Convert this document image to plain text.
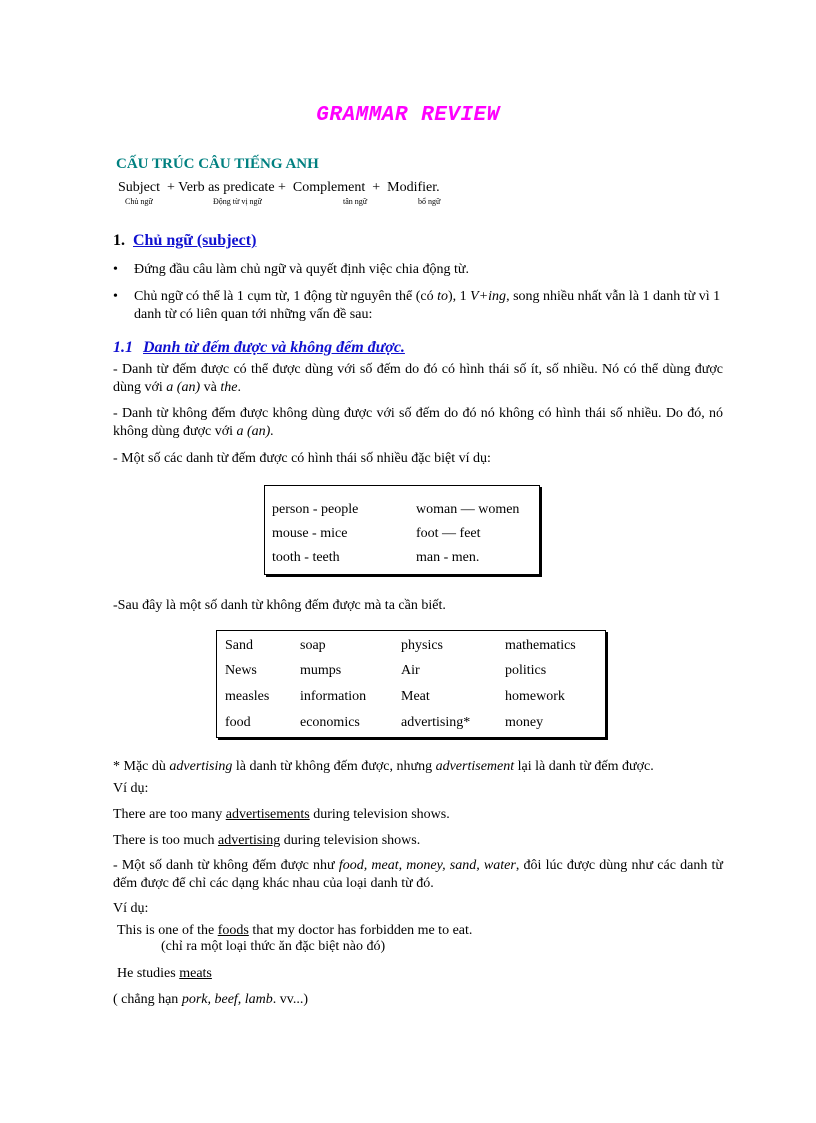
GRAMMAR REVIEW
CẤU TRÚC CÂU TIẾNG ANH
Subject  + Verb as predicate +  Complement  +  Modifier.
Chủ ngữ	Động từ vị ngữ	tân ngữ	bổ ngữ
1. Chủ ngữ (subject)
• Đứng đầu câu làm chủ ngữ và quyết định việc chia động từ.
• Chủ ngữ có thể là 1 cụm từ, 1 động từ nguyên thể (có to), 1 V+ing, song nhiều nhất vẫn là 1 danh từ vì 1 danh từ có liên quan tới những vấn đề sau:
1.1 Danh từ đếm được và không đếm được.
- Danh từ đếm được có thể được dùng với số đếm do đó có hình thái số ít, số nhiều. Nó có thể dùng được dùng với a (an) và the.
- Danh từ không đếm được không dùng được với số đếm do đó nó không có hình thái số nhiều. Do đó, nó không dùng được với a (an).
- Một số các danh từ đếm được có hình thái số nhiều đặc biệt ví dụ:
person - people	woman — women
mouse - mice	foot — feet
tooth - teeth	man - men.
-Sau đây là một số danh từ không đếm được mà ta cần biết.
Sand	soap	physics	mathematics
News	mumps	Air	politics
measles	information	Meat	homework
food	economics	advertising*	money
* Mặc dù advertising là danh từ không đếm được, nhưng advertisement lại là danh từ đếm được.
Ví dụ:
There are too many advertisements during television shows.
There is too much advertising during television shows.
- Một số danh từ không đếm được như food, meat, money, sand, water, đôi lúc được dùng như các danh từ đếm được để chỉ các dạng khác nhau của loại danh từ đó.
Ví dụ:
This is one of the foods that my doctor has forbidden me to eat.
(chỉ ra một loại thức ăn đặc biệt nào đó)
He studies meats
( chẳng hạn pork, beef, lamb. vv...)
